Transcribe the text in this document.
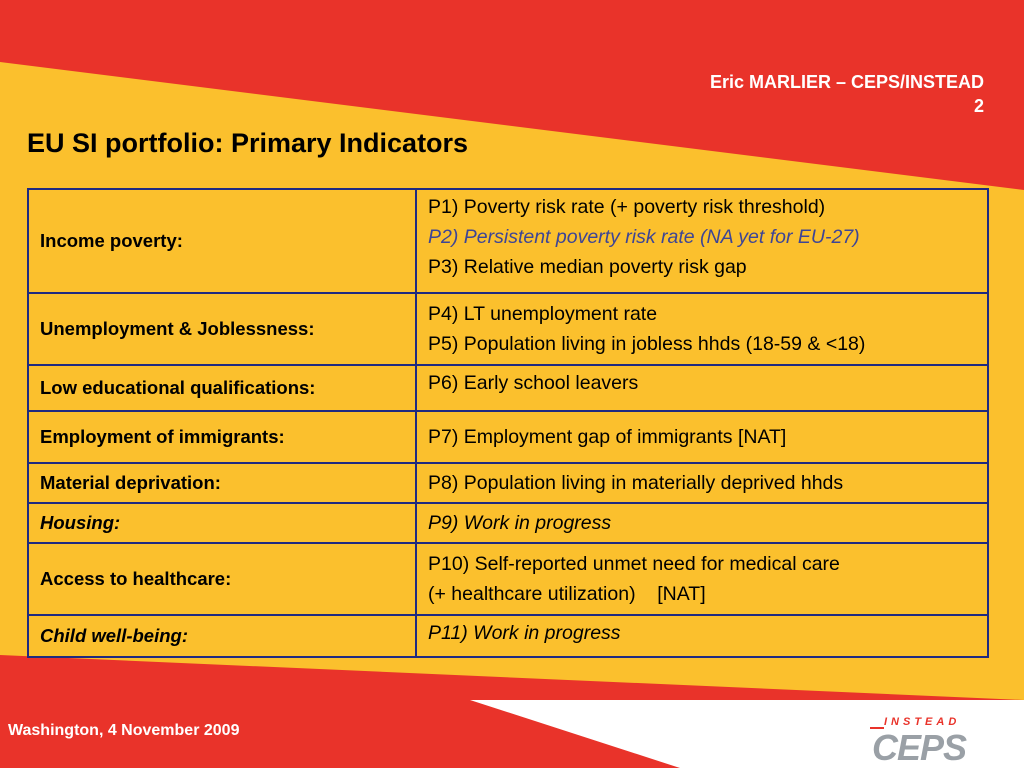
Eric MARLIER – CEPS/INSTEAD
2
EU SI portfolio: Primary Indicators
Income poverty:	P1) Poverty risk rate (+ poverty risk threshold)
P2) Persistent poverty risk rate (NA yet for EU-27)
P3) Relative median poverty risk gap

Unemployment & Joblessness:	P4) LT unemployment rate
P5) Population living in jobless hhds (18-59 & <18)

Low educational qualifications:	P6) Early school leavers

Employment of immigrants:	P7) Employment gap of immigrants [NAT]

Material deprivation:	P8) Population living in materially deprived hhds

Housing:	P9) Work in progress

Access to healthcare:	P10) Self-reported unmet need for medical care
(+ healthcare utilization)    [NAT]

Child well-being:	P11) Work in progress
Washington, 4 November 2009	INSTEAD
CEPS
